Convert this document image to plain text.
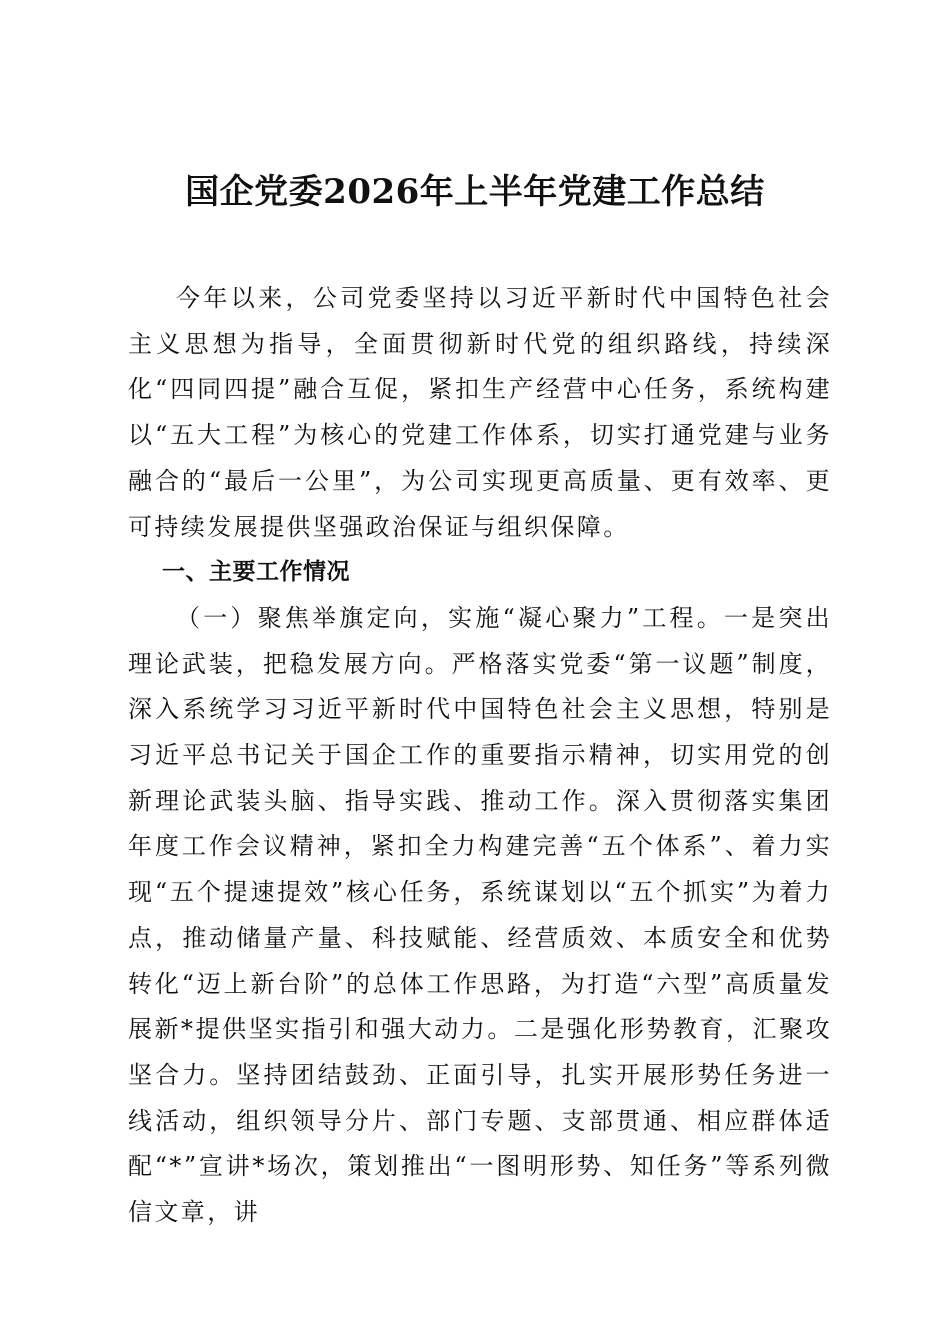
国企党委2026年上半年党建工作总结

今年以来，公司党委坚持以习近平新时代中国特色社会主义思想为指导，全面贯彻新时代党的组织路线，持续深化“四同四提”融合互促，紧扣生产经营中心任务，系统构建以“五大工程”为核心的党建工作体系，切实打通党建与业务融合的“最后一公里”，为公司实现更高质量、更有效率、更可持续发展提供坚强政治保证与组织保障。

一、主要工作情况

（一）聚焦举旗定向，实施“凝心聚力”工程。一是突出理论武装，把稳发展方向。严格落实党委“第一议题”制度，深入系统学习习近平新时代中国特色社会主义思想，特别是习近平总书记关于国企工作的重要指示精神，切实用党的创新理论武装头脑、指导实践、推动工作。深入贯彻落实集团年度工作会议精神，紧扣全力构建完善“五个体系”、着力实现“五个提速提效”核心任务，系统谋划以“五个抓实”为着力点，推动储量产量、科技赋能、经营质效、本质安全和优势转化“迈上新台阶”的总体工作思路，为打造“六型”高质量发展新*提供坚实指引和强大动力。二是强化形势教育，汇聚攻坚合力。坚持团结鼓劲、正面引导，扎实开展形势任务进一线活动，组织领导分片、部门专题、支部贯通、相应群体适配“*”宣讲*场次，策划推出“一图明形势、知任务”等系列微信文章，讲
